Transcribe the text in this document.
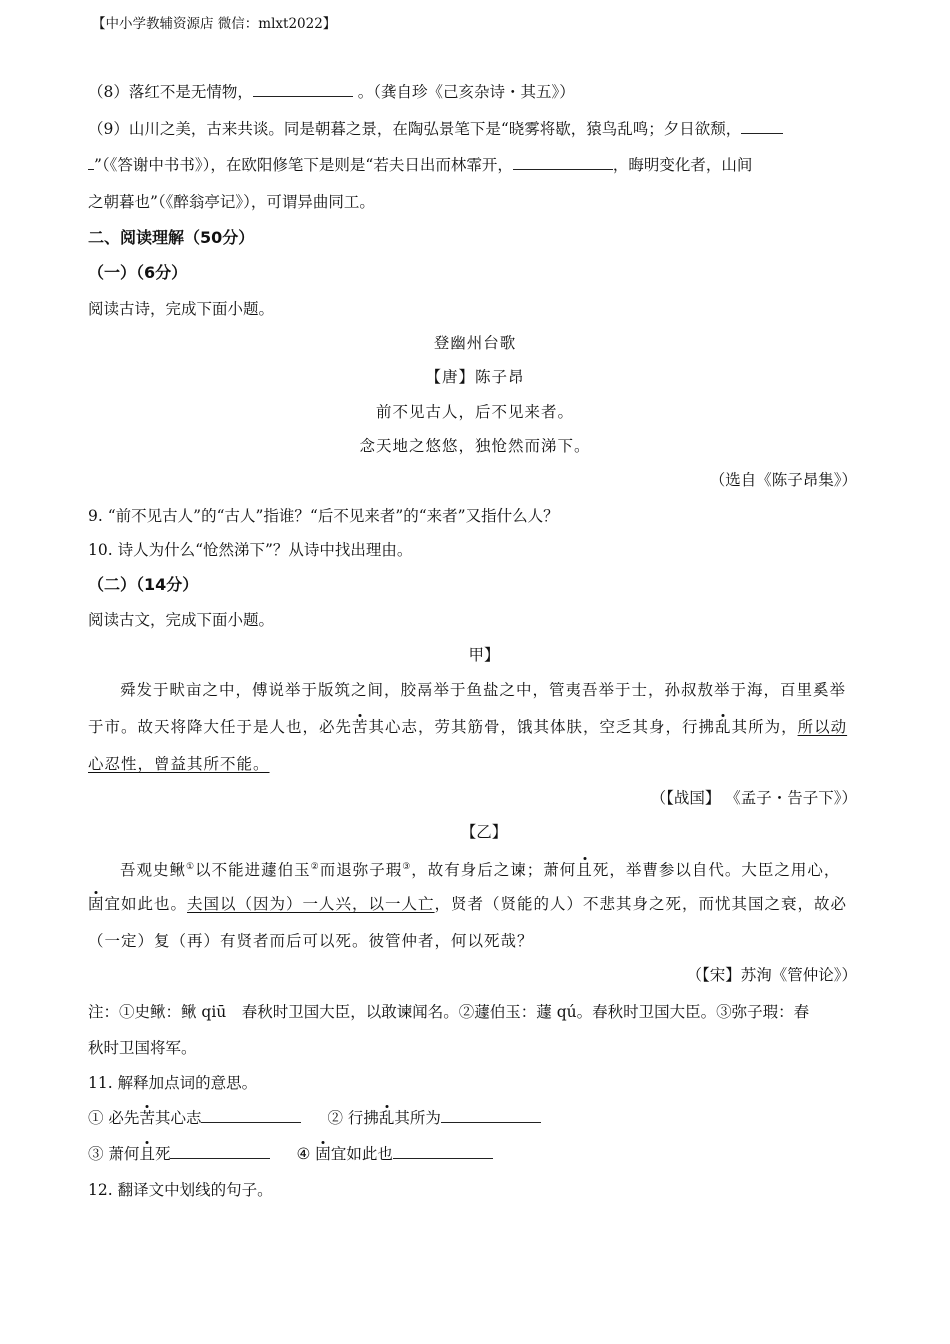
【中小学教辅资源店 微信：mlxt2022】
（8）落红不是无情物，	。（龚自珍《己亥杂诗・其五》）
（9）山川之美，古来共谈。同是朝暮之景，在陶弘景笔下是“晓雾将歇，猿鸟乱鸣；夕日欲颓，
”（《答谢中书书》），在欧阳修笔下是则是“若夫日出而林霏开，	，晦明变化者，山间
之朝暮也”（《醉翁亭记》），可谓异曲同工。
二、阅读理解（50分）
（一）（6分）
阅读古诗，完成下面小题。
登幽州台歌
【唐】陈子昂
前不见古人，后不见来者。
念天地之悠悠，独怆然而涕下。
（选自《陈子昂集》）
9. “前不见古人”的“古人”指谁？“后不见来者”的“来者”又指什么人？
10. 诗人为什么“怆然涕下”？从诗中找出理由。
（二）（14分）
阅读古文，完成下面小题。
甲】
舜发于畎亩之中，傅说举于版筑之间，胶鬲举于鱼盐之中，管夷吾举于士，孙叔敖举于海，百里奚举
于市。故天将降大任于是人也，必先苦其心志，劳其筋骨，饿其体肤，空乏其身，行拂乱其所为，所以动
心忍性，曾益其所不能。
（【战国】 《孟子・告子下》）
【乙】
吾观史鳅①以不能进蘧伯玉②而退弥子瑕③，故有身后之谏；萧何且死，举曹参以自代。大臣之用心，
固宜如此也。夫国以（因为）一人兴，以一人亡，贤者（贤能的人）不悲其身之死，而忧其国之衰，故必
（一定）复（再）有贤者而后可以死。彼管仲者，何以死哉？
（【宋】苏洵《管仲论》）
注：①史鳅：鳅 qiū　春秋时卫国大臣，以敢谏闻名。②蘧伯玉：蘧 qú。春秋时卫国大臣。③弥子瑕：春
秋时卫国将军。
11. 解释加点词的意思。
① 必先苦其心志	② 行拂乱其所为
③ 萧何且死	④ 固宜如此也
12. 翻译文中划线的句子。
